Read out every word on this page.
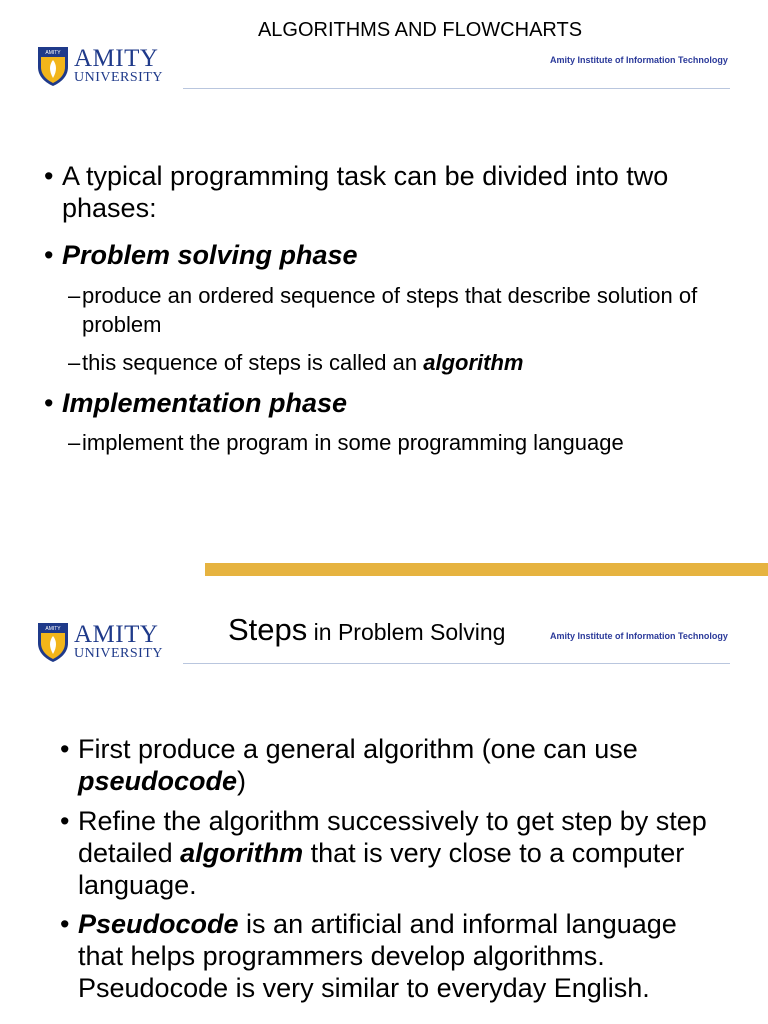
ALGORITHMS AND FLOWCHARTS
AMITY AMITY
UNIVERSITY
Amity Institute of Information Technology
• A typical programming task can be divided into two phases:
• Problem solving phase
– produce an ordered sequence of steps that describe solution of problem
– this sequence of steps is called an algorithm
• Implementation phase
– implement the program in some programming language
AMITY AMITY
UNIVERSITY
Steps in Problem Solving	Amity Institute of Information Technology
• First produce a general algorithm (one can use pseudocode)
• Refine the algorithm successively to get step by step detailed algorithm that is very close to a computer language.
• Pseudocode is an artificial and informal language that helps programmers develop algorithms. Pseudocode is very similar to everyday English.
